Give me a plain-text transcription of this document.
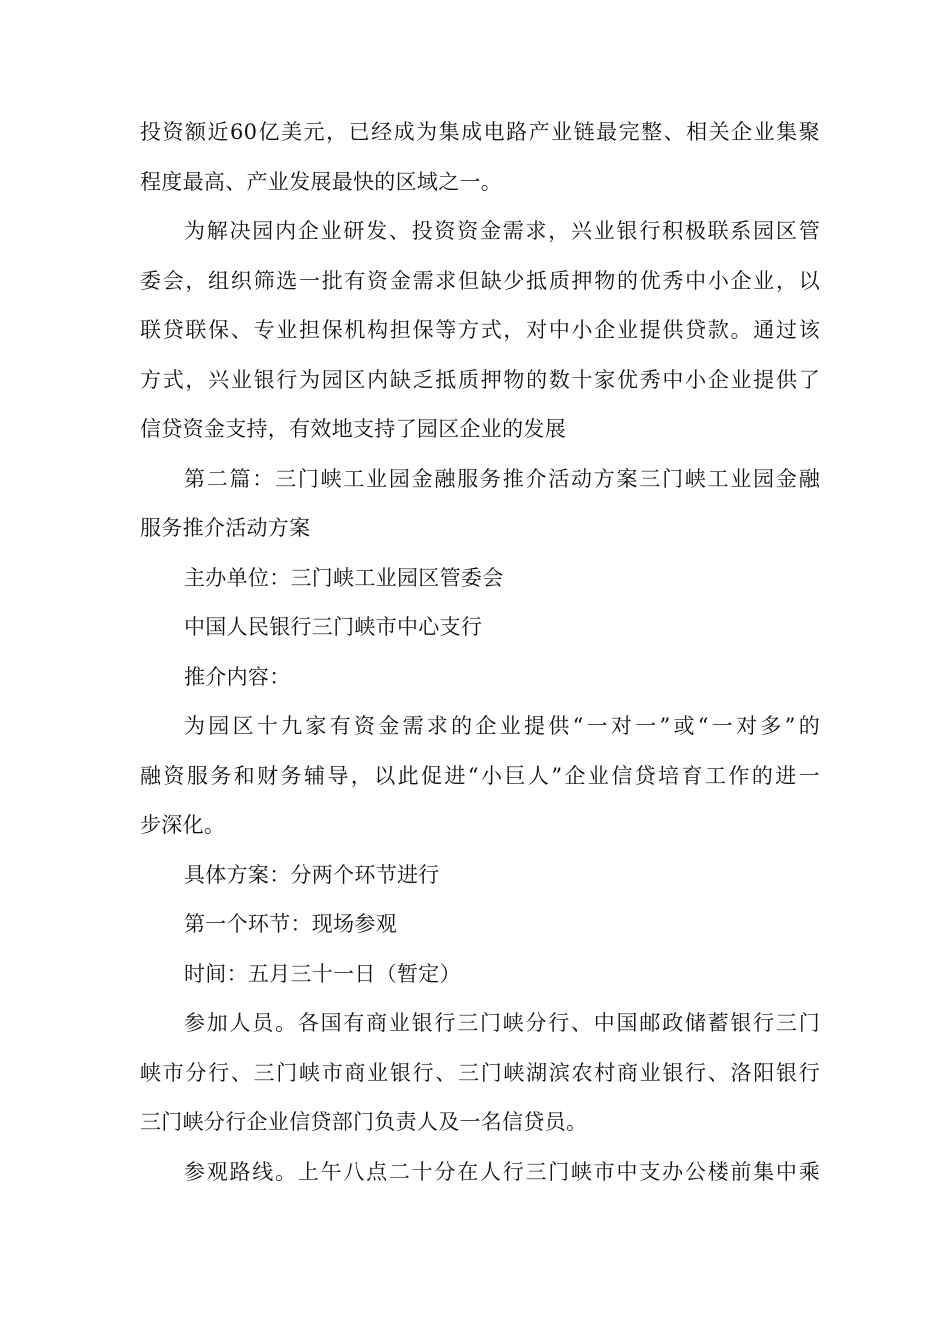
投资额近60亿美元，已经成为集成电路产业链最完整、相关企业集聚
程度最高、产业发展最快的区域之一。
为解决园内企业研发、投资资金需求，兴业银行积极联系园区管
委会，组织筛选一批有资金需求但缺少抵质押物的优秀中小企业，以
联贷联保、专业担保机构担保等方式，对中小企业提供贷款。通过该
方式，兴业银行为园区内缺乏抵质押物的数十家优秀中小企业提供了
信贷资金支持，有效地支持了园区企业的发展
第二篇：三门峡工业园金融服务推介活动方案三门峡工业园金融
服务推介活动方案
主办单位：三门峡工业园区管委会
中国人民银行三门峡市中心支行
推介内容：
为园区十九家有资金需求的企业提供“一对一”或“一对多”的
融资服务和财务辅导，以此促进“小巨人”企业信贷培育工作的进一
步深化。
具体方案：分两个环节进行
第一个环节：现场参观
时间：五月三十一日（暂定）
参加人员。各国有商业银行三门峡分行、中国邮政储蓄银行三门
峡市分行、三门峡市商业银行、三门峡湖滨农村商业银行、洛阳银行
三门峡分行企业信贷部门负责人及一名信贷员。
参观路线。上午八点二十分在人行三门峡市中支办公楼前集中乘
